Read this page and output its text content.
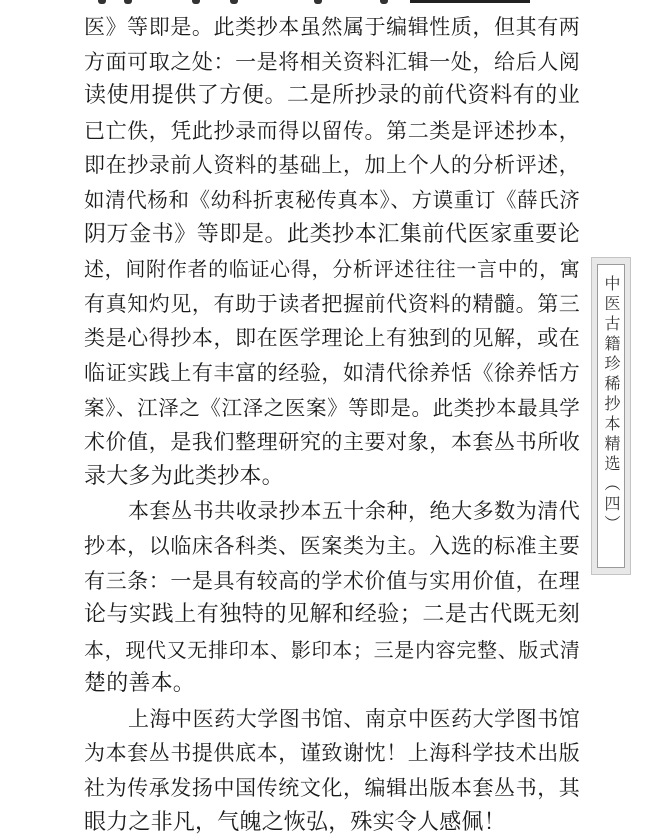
医》等即是。此类抄本虽然属于编辑性质，但其有两
方面可取之处：一是将相关资料汇辑一处，给后人阅
读使用提供了方便。二是所抄录的前代资料有的业
已亡佚，凭此抄录而得以留传。第二类是评述抄本，
即在抄录前人资料的基础上，加上个人的分析评述，
如清代杨和《幼科折衷秘传真本》、方谟重订《薛氏济
阴万金书》等即是。此类抄本汇集前代医家重要论
述，间附作者的临证心得，分析评述往往一言中的，寓
有真知灼见，有助于读者把握前代资料的精髓。第三
类是心得抄本，即在医学理论上有独到的见解，或在
临证实践上有丰富的经验，如清代徐养恬《徐养恬方
案》、江泽之《江泽之医案》等即是。此类抄本最具学
术价值，是我们整理研究的主要对象，本套丛书所收
录大多为此类抄本。
本套丛书共收录抄本五十余种，绝大多数为清代
抄本，以临床各科类、医案类为主。入选的标准主要
有三条：一是具有较高的学术价值与实用价值，在理
论与实践上有独特的见解和经验；二是古代既无刻
本，现代又无排印本、影印本；三是内容完整、版式清
楚的善本。
上海中医药大学图书馆、南京中医药大学图书馆
为本套丛书提供底本，谨致谢忱！上海科学技术出版
社为传承发扬中国传统文化，编辑出版本套丛书，其
眼力之非凡，气魄之恢弘，殊实令人感佩！
中医古籍珍稀抄本精选（四）
